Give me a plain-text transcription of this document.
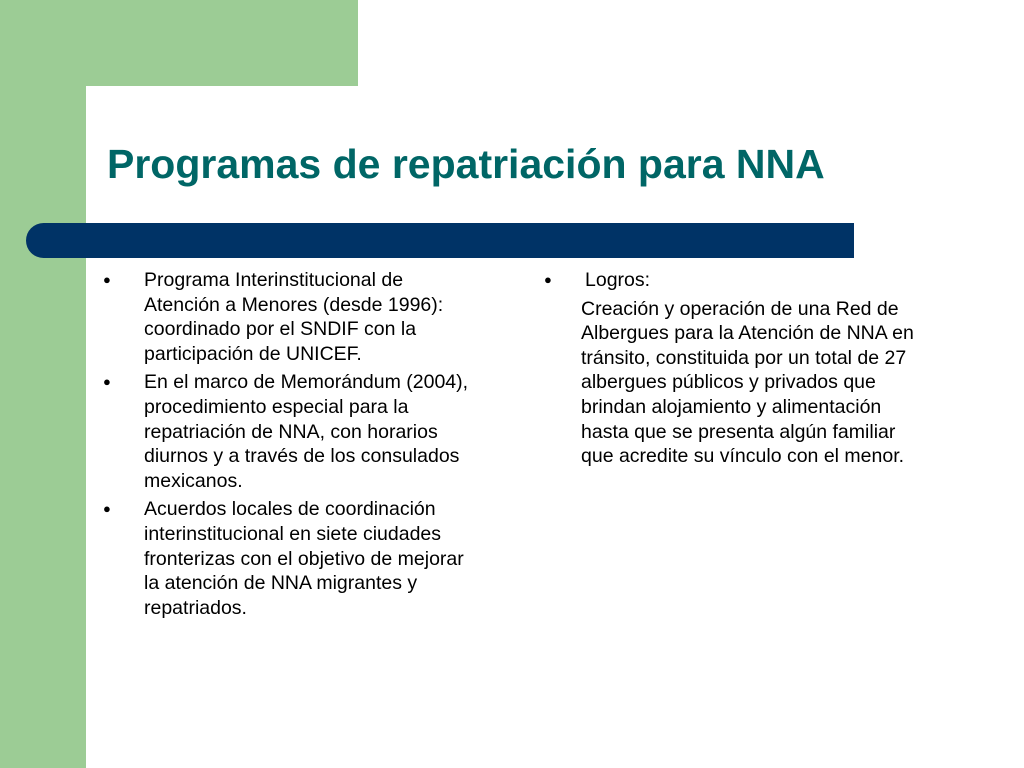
Programas de repatriación para NNA
●	Programa Interinstitucional de Atención a Menores (desde 1996): coordinado por el SNDIF con la participación de UNICEF.
●	En el marco de Memorándum (2004), procedimiento especial para la repatriación de NNA, con horarios diurnos y a través de los consulados mexicanos.
●	Acuerdos locales de coordinación interinstitucional en siete ciudades fronterizas con el objetivo de mejorar la atención de NNA migrantes y repatriados.
●	Logros:
Creación y operación de una Red de Albergues para la Atención de NNA en tránsito, constituida por un total de 27 albergues públicos y privados que brindan alojamiento y alimentación hasta que se presenta algún familiar que acredite su vínculo con el menor.
